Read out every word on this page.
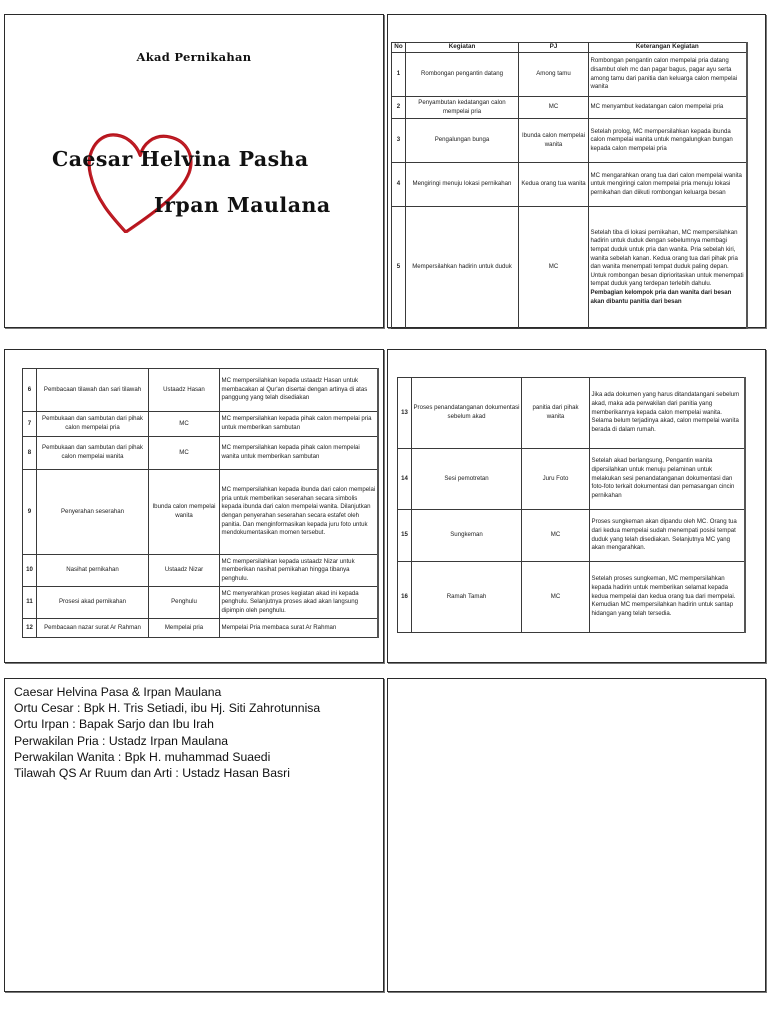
Akad Pernikahan
Caesar Helvina Pasha
Irpan Maulana
No	Kegiatan	PJ	Keterangan Kegiatan
1	Rombongan pengantin datang	Among tamu	Rombongan pengantin calon mempelai pria datang disambut oleh mc dan pagar bagus, pagar ayu serta among tamu dari panitia dan keluarga calon mempelai wanita
2	Penyambutan kedatangan calon mempelai pria	MC	MC menyambut kedatangan calon mempelai pria
3	Pengalungan bunga	Ibunda calon mempelai wanita	Setelah prolog, MC mempersilahkan kepada ibunda calon mempelai wanita untuk mengalungkan bungan kepada calon mempelai pria
4	Mengiringi menuju lokasi pernikahan	Kedua orang tua wanita	MC mengarahkan orang tua dari calon mempelai wanita untuk mengiringi calon mempelai pria menuju lokasi pernikahan dan diikuti rombongan keluarga besan
5	Mempersilahkan hadirin untuk duduk	MC	Setelah tiba di lokasi pernikahan, MC mempersilahkan hadirin untuk duduk dengan sebelumnya membagi tempat duduk untuk pria dan wanita. Pria sebelah kiri, wanita sebelah kanan. Kedua orang tua dari pihak pria dan wanita menempati tempat duduk paling depan. Untuk rombongan besan diprioritaskan untuk menempati tempat duduk yang terdepan terlebih dahulu. Pembagian kelompok pria dan wanita dari besan akan dibantu panitia dari besan
6	Pembacaan tilawah dan sari tilawah	Ustaadz Hasan	MC mempersilahkan kepada ustaadz Hasan untuk membacakan al Qur'an disertai dengan artinya di atas panggung yang telah disediakan
7	Pembukaan dan sambutan dari pihak calon mempelai pria	MC	MC mempersilahkan kepada pihak calon mempelai pria untuk memberikan sambutan
8	Pembukaan dan sambutan dari pihak calon mempelai wanita	MC	MC mempersilahkan kepada pihak calon mempelai wanita untuk memberikan sambutan
9	Penyerahan seserahan	Ibunda calon mempelai wanita	MC mempersilahkan kepada ibunda dari calon mempelai pria untuk memberikan seserahan secara simbolis kepada ibunda dari calon mempelai wanita. Dilanjutkan dengan penyerahan seserahan secara estafet oleh panitia. Dan menginformasikan kepada juru foto untuk mendokumentasikan momen tersebut.
10	Nasihat pernikahan	Ustaadz Nizar	MC mempersilahkan kepada ustaadz Nizar untuk memberikan nasihat pernikahan hingga tibanya penghulu.
11	Prosesi akad pernikahan	Penghulu	MC menyerahkan proses kegiatan akad ini kepada penghulu. Selanjutnya proses akad akan langsung dipimpin oleh penghulu.
12	Pembacaan nazar surat Ar Rahman	Mempelai pria	Mempelai Pria membaca surat Ar Rahman
13	Proses penandatanganan dokumentasi sebelum akad	panitia dari pihak wanita	Jika ada dokumen yang harus ditandatangani sebelum akad, maka ada perwakilan dari panitia yang memberikannya kepada calon mempelai wanita. Selama belum terjadinya akad, calon mempelai wanita berada di dalam rumah.
14	Sesi pemotretan	Juru Foto	Setelah akad berlangsung, Pengantin wanita dipersilahkan untuk menuju pelaminan untuk melakukan sesi penandatanganan dokumentasi dan foto-foto terkait dokumentasi dan pemasangan cincin pernikahan
15	Sungkeman	MC	Proses sungkeman akan dipandu oleh MC. Orang tua dari kedua mempelai sudah menempati posisi tempat duduk yang telah disediakan. Selanjutnya MC yang akan mengarahkan.
16	Ramah Tamah	MC	Setelah proses sungkeman, MC mempersilahkan kepada hadirin untuk memberikan selamat kepada kedua mempelai dan kedua orang tua dari mempelai. Kemudian MC mempersilahkan hadirin untuk santap hidangan yang telah tersedia.
Caesar Helvina Pasa & Irpan Maulana
Ortu Cesar : Bpk H. Tris Setiadi, ibu Hj. Siti Zahrotunnisa
Ortu Irpan : Bapak Sarjo dan Ibu Irah
Perwakilan Pria : Ustadz Irpan Maulana
Perwakilan Wanita : Bpk H. muhammad Suaedi
Tilawah QS Ar Ruum dan Arti : Ustadz Hasan Basri
